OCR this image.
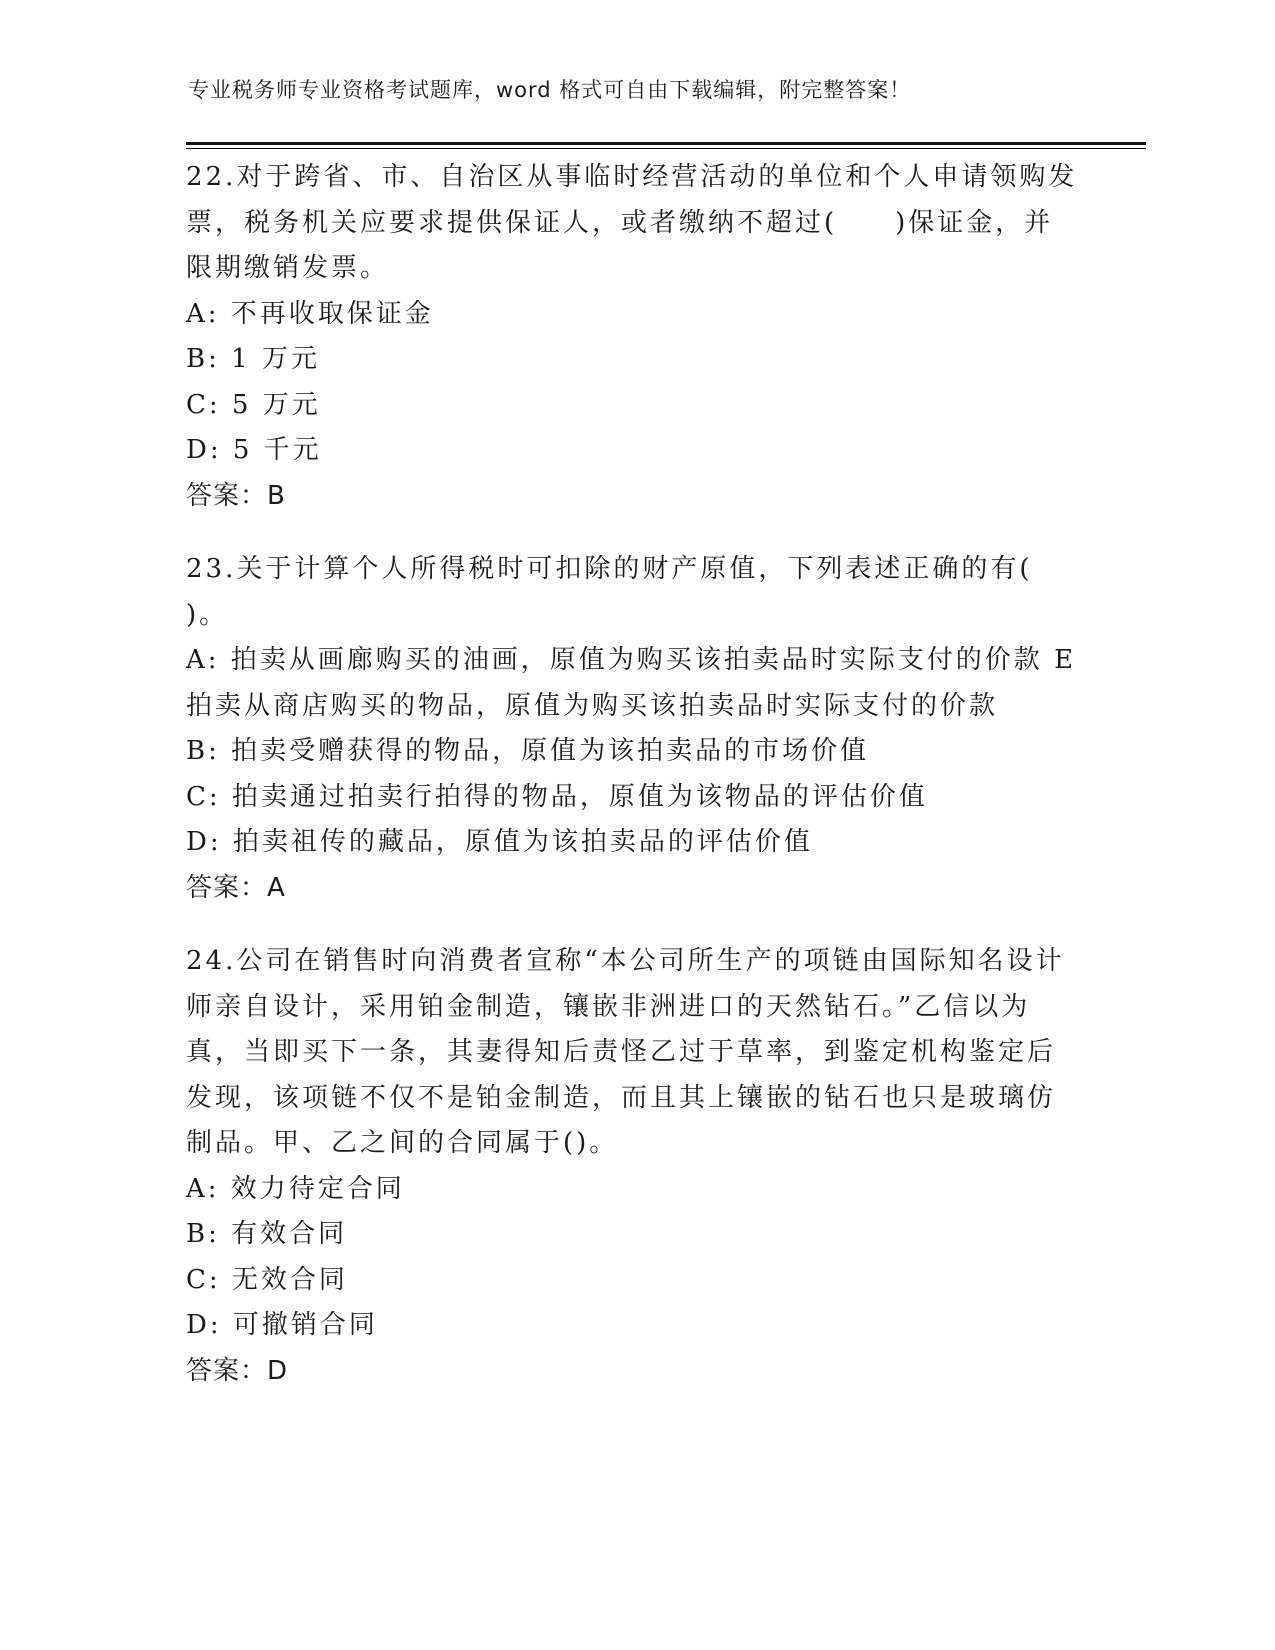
专业税务师专业资格考试题库，word 格式可自由下载编辑，附完整答案！
22.对于跨省、市、自治区从事临时经营活动的单位和个人申请领购发
票，税务机关应要求提供保证人，或者缴纳不超过(　　)保证金，并
限期缴销发票。
A: 不再收取保证金
B: 1 万元
C: 5 万元
D: 5 千元
答案：B
23.关于计算个人所得税时可扣除的财产原值，下列表述正确的有(
)。
A: 拍卖从画廊购买的油画，原值为购买该拍卖品时实际支付的价款 E
拍卖从商店购买的物品，原值为购买该拍卖品时实际支付的价款
B: 拍卖受赠获得的物品，原值为该拍卖品的市场价值
C: 拍卖通过拍卖行拍得的物品，原值为该物品的评估价值
D: 拍卖祖传的藏品，原值为该拍卖品的评估价值
答案：A
24.公司在销售时向消费者宣称“本公司所生产的项链由国际知名设计
师亲自设计，采用铂金制造，镶嵌非洲进口的天然钻石。”乙信以为
真，当即买下一条，其妻得知后责怪乙过于草率，到鉴定机构鉴定后
发现，该项链不仅不是铂金制造，而且其上镶嵌的钻石也只是玻璃仿
制品。甲、乙之间的合同属于()。
A: 效力待定合同
B: 有效合同
C: 无效合同
D: 可撤销合同
答案：D
